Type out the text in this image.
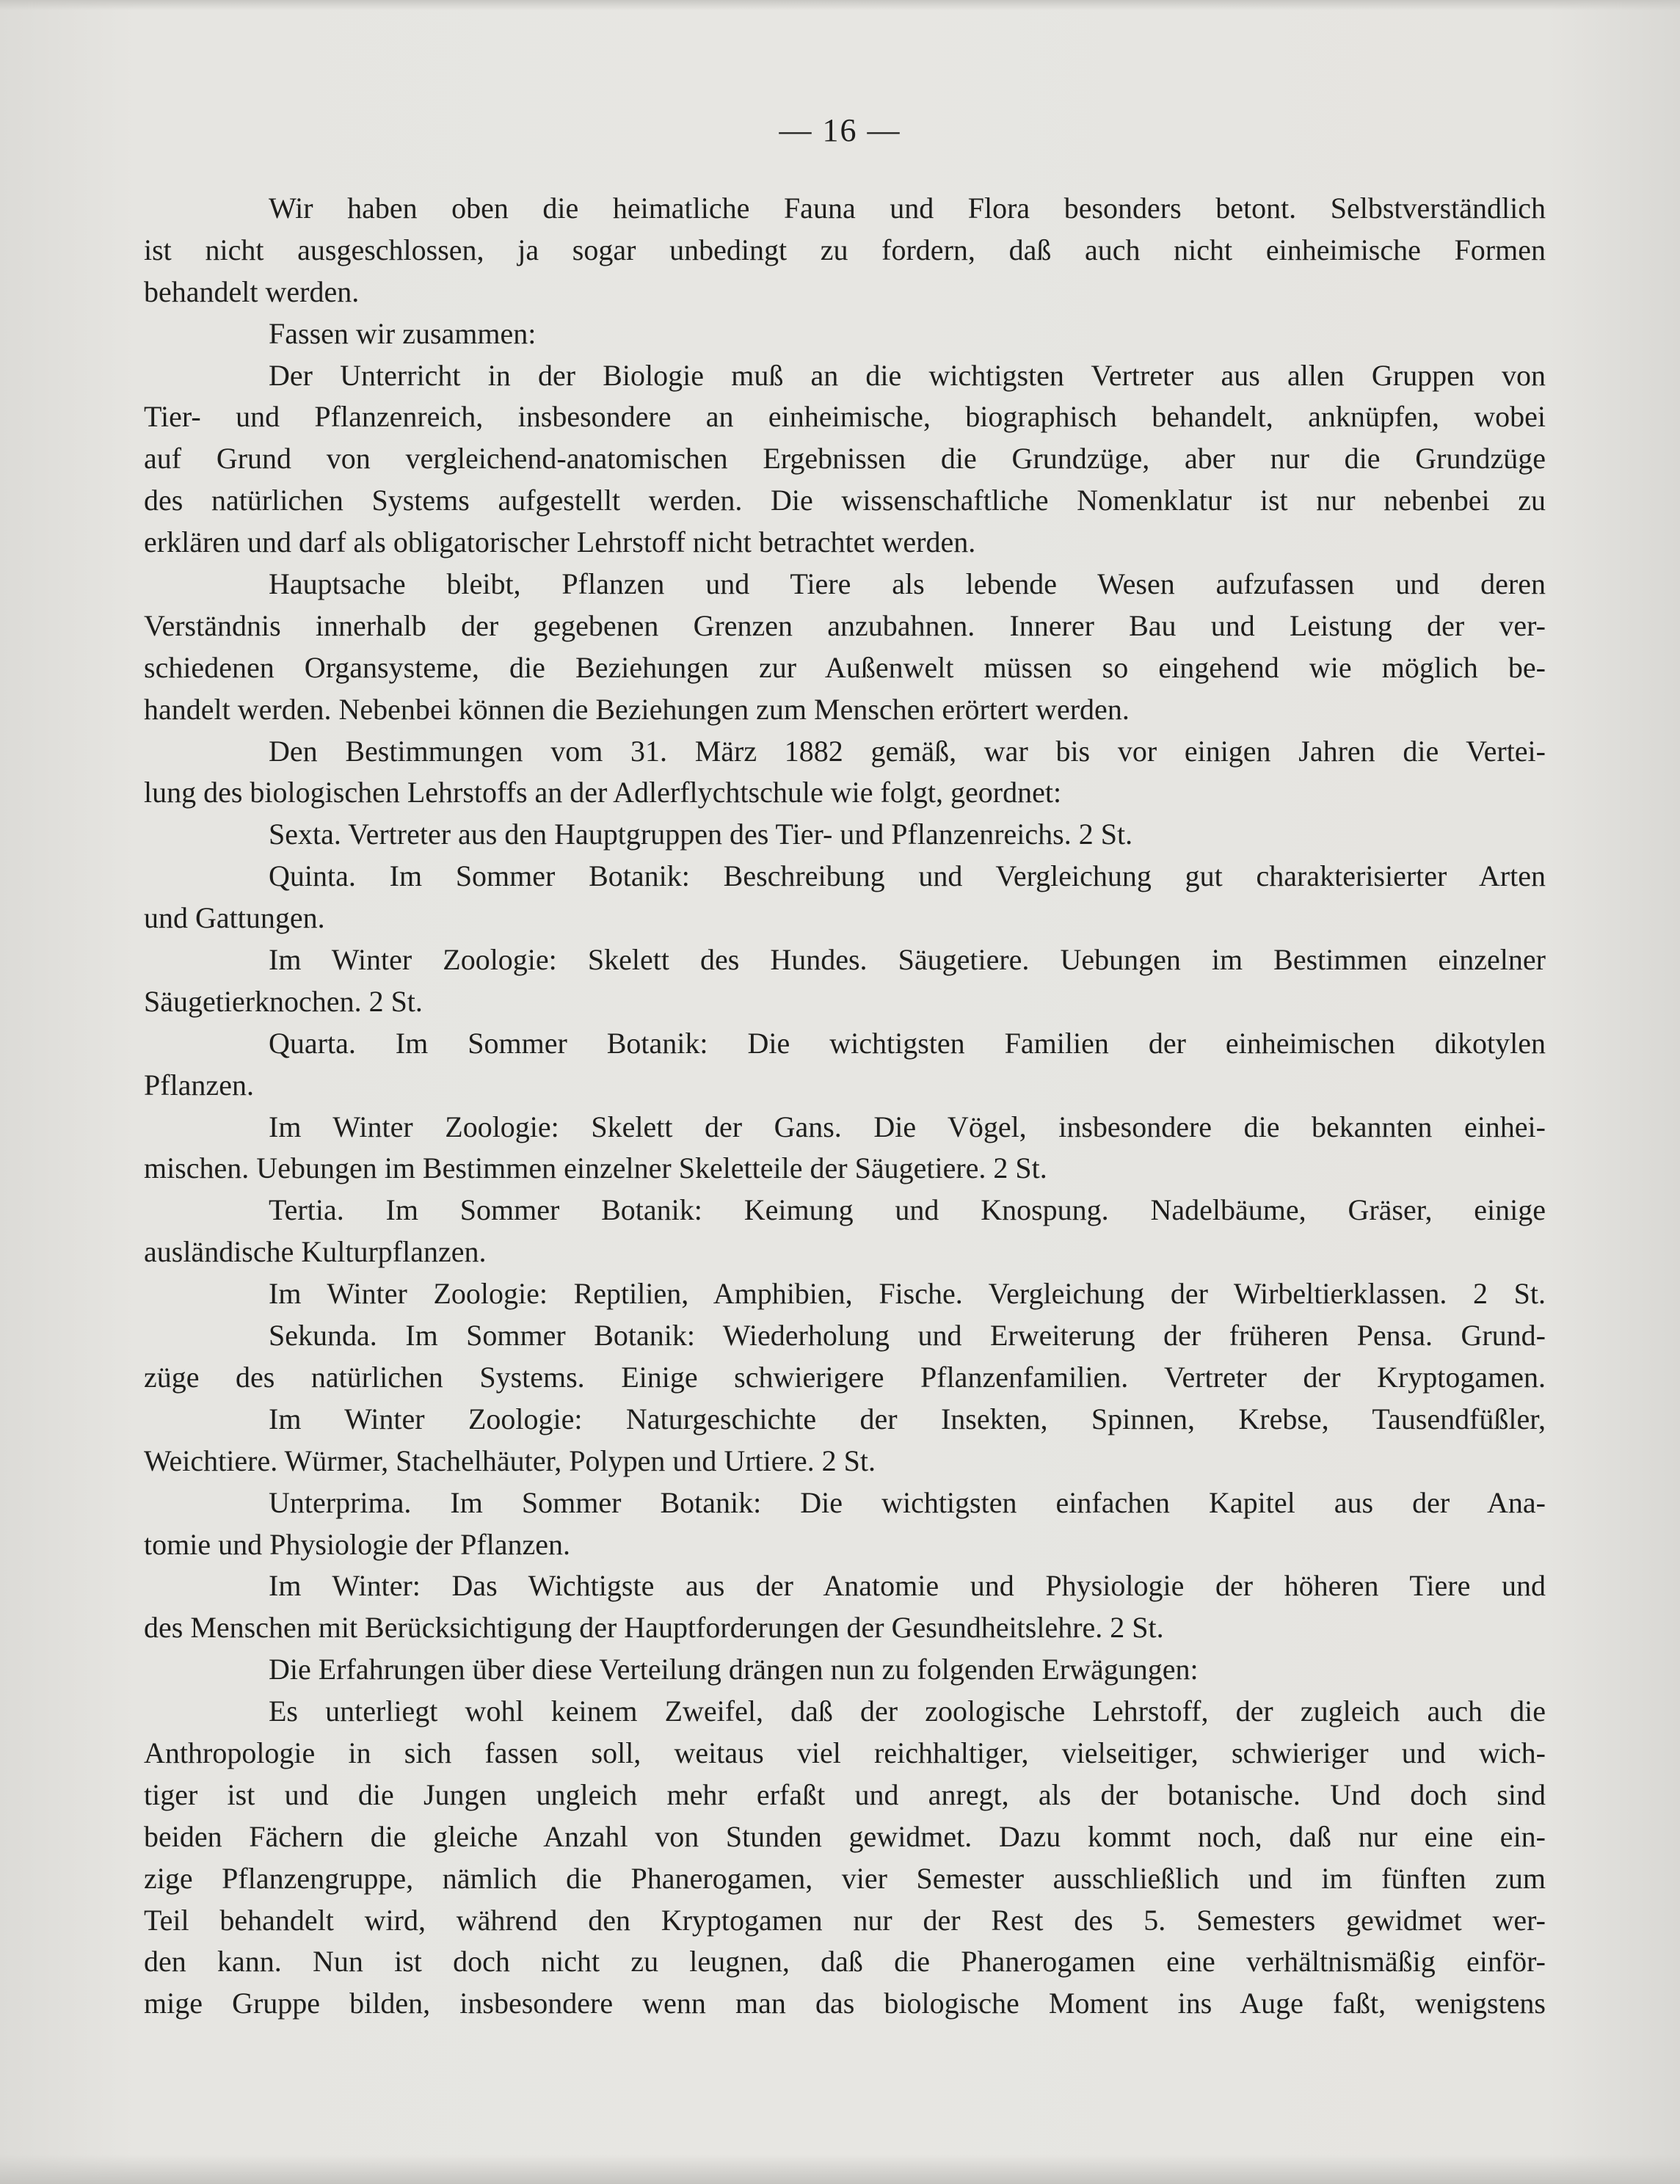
— 16 —
Wir haben oben die heimatliche Fauna und Flora besonders betont. Selbstverständlich
ist nicht ausgeschlossen, ja sogar unbedingt zu fordern, daß auch nicht einheimische Formen
behandelt werden.
Fassen wir zusammen:
Der Unterricht in der Biologie muß an die wichtigsten Vertreter aus allen Gruppen von
Tier- und Pflanzenreich, insbesondere an einheimische, biographisch behandelt, anknüpfen, wobei
auf Grund von vergleichend-anatomischen Ergebnissen die Grundzüge, aber nur die Grundzüge
des natürlichen Systems aufgestellt werden. Die wissenschaftliche Nomenklatur ist nur nebenbei zu
erklären und darf als obligatorischer Lehrstoff nicht betrachtet werden.
Hauptsache bleibt, Pflanzen und Tiere als lebende Wesen aufzufassen und deren
Verständnis innerhalb der gegebenen Grenzen anzubahnen. Innerer Bau und Leistung der ver-
schiedenen Organsysteme, die Beziehungen zur Außenwelt müssen so eingehend wie möglich be-
handelt werden. Nebenbei können die Beziehungen zum Menschen erörtert werden.
Den Bestimmungen vom 31. März 1882 gemäß, war bis vor einigen Jahren die Vertei-
lung des biologischen Lehrstoffs an der Adlerflychtschule wie folgt, geordnet:
Sexta. Vertreter aus den Hauptgruppen des Tier- und Pflanzenreichs. 2 St.
Quinta. Im Sommer Botanik: Beschreibung und Vergleichung gut charakterisierter Arten
und Gattungen.
Im Winter Zoologie: Skelett des Hundes. Säugetiere. Uebungen im Bestimmen einzelner
Säugetierknochen. 2 St.
Quarta. Im Sommer Botanik: Die wichtigsten Familien der einheimischen dikotylen
Pflanzen.
Im Winter Zoologie: Skelett der Gans. Die Vögel, insbesondere die bekannten einhei-
mischen. Uebungen im Bestimmen einzelner Skeletteile der Säugetiere. 2 St.
Tertia. Im Sommer Botanik: Keimung und Knospung. Nadelbäume, Gräser, einige
ausländische Kulturpflanzen.
Im Winter Zoologie: Reptilien, Amphibien, Fische. Vergleichung der Wirbeltierklassen. 2 St.
Sekunda. Im Sommer Botanik: Wiederholung und Erweiterung der früheren Pensa. Grund-
züge des natürlichen Systems. Einige schwierigere Pflanzenfamilien. Vertreter der Kryptogamen.
Im Winter Zoologie: Naturgeschichte der Insekten, Spinnen, Krebse, Tausendfüßler,
Weichtiere. Würmer, Stachelhäuter, Polypen und Urtiere. 2 St.
Unterprima. Im Sommer Botanik: Die wichtigsten einfachen Kapitel aus der Ana-
tomie und Physiologie der Pflanzen.
Im Winter: Das Wichtigste aus der Anatomie und Physiologie der höheren Tiere und
des Menschen mit Berücksichtigung der Hauptforderungen der Gesundheitslehre. 2 St.
Die Erfahrungen über diese Verteilung drängen nun zu folgenden Erwägungen:
Es unterliegt wohl keinem Zweifel, daß der zoologische Lehrstoff, der zugleich auch die
Anthropologie in sich fassen soll, weitaus viel reichhaltiger, vielseitiger, schwieriger und wich-
tiger ist und die Jungen ungleich mehr erfaßt und anregt, als der botanische. Und doch sind
beiden Fächern die gleiche Anzahl von Stunden gewidmet. Dazu kommt noch, daß nur eine ein-
zige Pflanzengruppe, nämlich die Phanerogamen, vier Semester ausschließlich und im fünften zum
Teil behandelt wird, während den Kryptogamen nur der Rest des 5. Semesters gewidmet wer-
den kann. Nun ist doch nicht zu leugnen, daß die Phanerogamen eine verhältnismäßig einför-
mige Gruppe bilden, insbesondere wenn man das biologische Moment ins Auge faßt, wenigstens
